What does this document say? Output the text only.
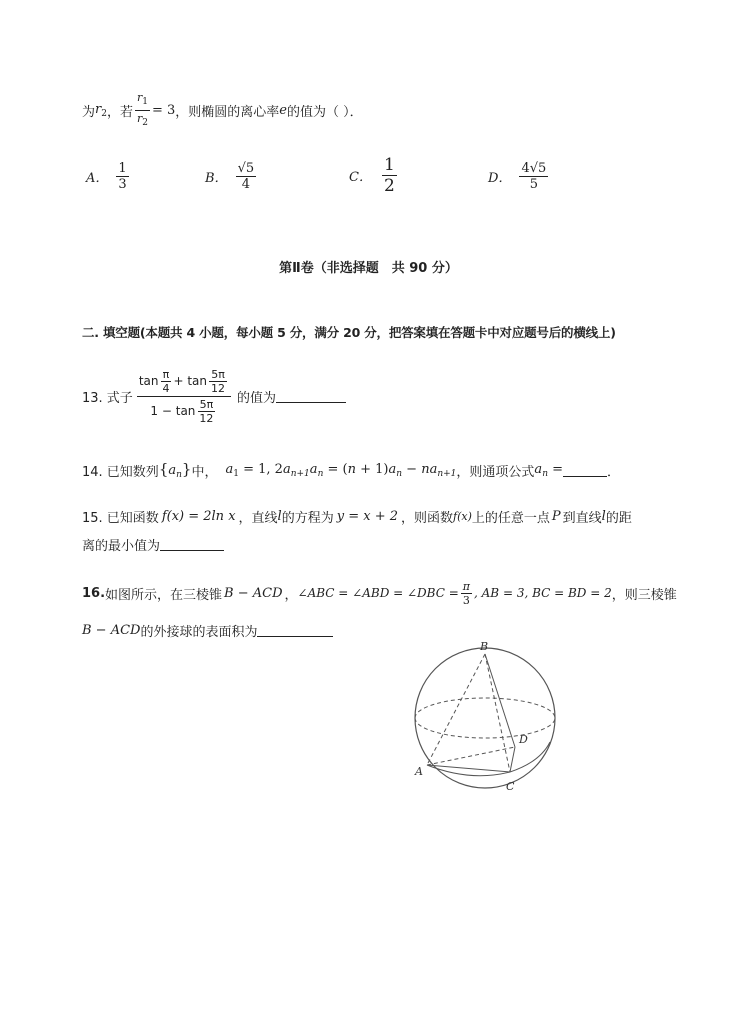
为 $r_2$ ，若 $\frac{r_1}{r_2} = 3$ ，则椭圆的离心率 e 的值为（ ）．
A． $\frac{1}{3}$	B． $\frac{√5}{4}$	C． $\frac{1}{2}$	D． $\frac{4√5}{5}$
第Ⅱ卷（非选择题　共 90 分）
二. 填空题(本题共 4 小题，每小题 5 分，满分 20 分，把答案填在答题卡中对应题号后的横线上)
13. 式子
$\tan \frac{\pi}{4} + \tan \frac{5\pi}{12}$
$1 - \tan \frac{5\pi}{12}$ 的值为
14. 已知数列 $\{a_n\}$ 中， $a_1 = 1$, $2a_{n+1}a_n = (n + 1)a_n - na_{n+1}$ ，则通项公式 $a_n$ =	．
15. 已知函数 f(x) = 2ln x ，直线 l 的方程为 y = x + 2 ，则函数 f(x) 上的任意一点 P 到直线 l 的距
离的最小值为
16. 如图所示，在三棱锥 B − ACD ， ∠ABC = ∠ABD = ∠DBC = $\frac{\pi}{3}$ , AB = 3, BC = BD = 2 ，则三棱锥
B − ACD 的外接球的表面积为
B
A
C
D
